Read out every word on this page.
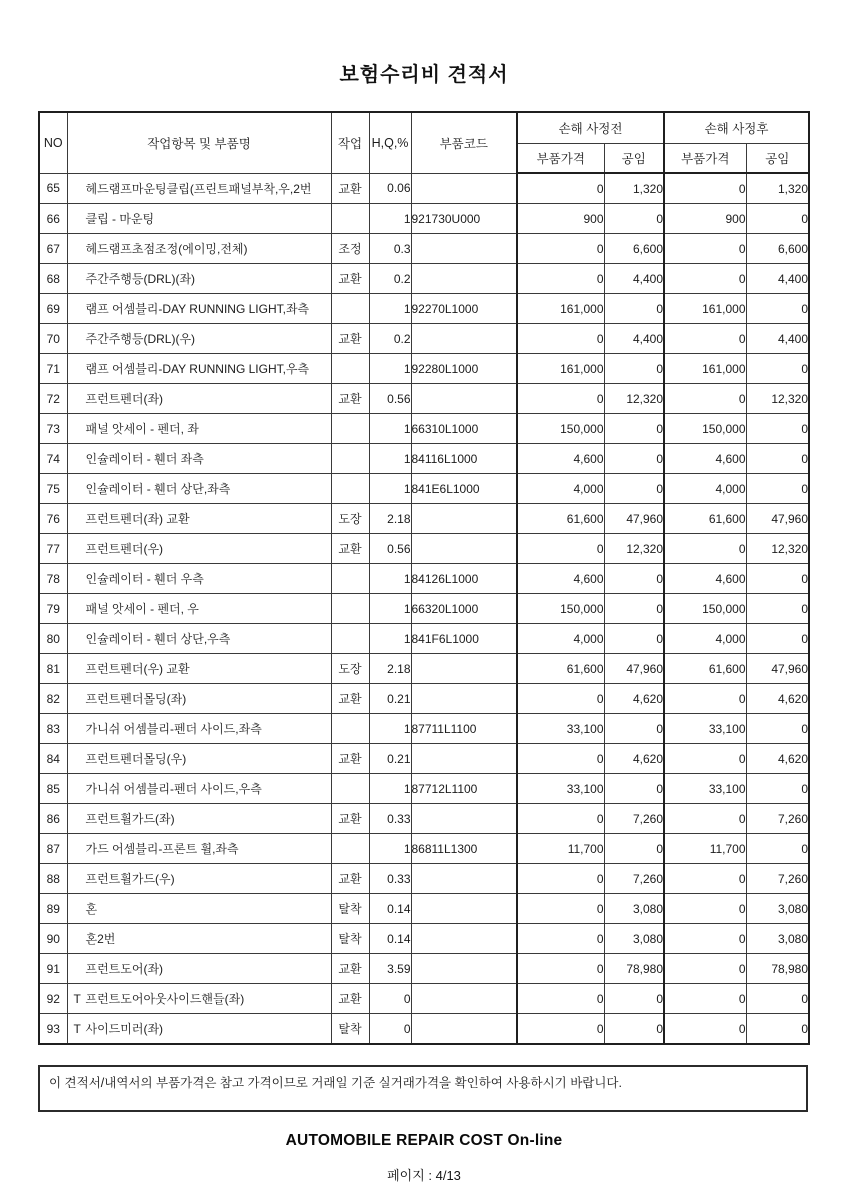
보험수리비 견적서
NO	작업항목 및 부품명	작업	H,Q,%	부품코드	손해 사정전		손해 사정후	
					부품가격	공임	부품가격	공임
65	헤드램프마운팅클립(프린트패널부착,우,2번	교환	0.06		0	1,320	0	1,320
66	클립 - 마운팅		1	921730U000	900	0	900	0
67	헤드램프초점조정(에이밍,전체)	조정	0.3		0	6,600	0	6,600
68	주간주행등(DRL)(좌)	교환	0.2		0	4,400	0	4,400
69	램프 어셈블리-DAY RUNNING LIGHT,좌측		1	92270L1000	161,000	0	161,000	0
70	주간주행등(DRL)(우)	교환	0.2		0	4,400	0	4,400
71	램프 어셈블리-DAY RUNNING LIGHT,우측		1	92280L1000	161,000	0	161,000	0
72	프런트펜더(좌)	교환	0.56		0	12,320	0	12,320
73	패널 앗세이 - 펜더, 좌		1	66310L1000	150,000	0	150,000	0
74	인슐레이터 - 휀더 좌측		1	84116L1000	4,600	0	4,600	0
75	인슐레이터 - 휀더 상단,좌측		1	841E6L1000	4,000	0	4,000	0
76	프런트펜더(좌) 교환	도장	2.18		61,600	47,960	61,600	47,960
77	프런트펜더(우)	교환	0.56		0	12,320	0	12,320
78	인슐레이터 - 휀더 우측		1	84126L1000	4,600	0	4,600	0
79	패널 앗세이 - 펜더, 우		1	66320L1000	150,000	0	150,000	0
80	인슐레이터 - 휀더 상단,우측		1	841F6L1000	4,000	0	4,000	0
81	프런트펜더(우) 교환	도장	2.18		61,600	47,960	61,600	47,960
82	프런트펜더몰딩(좌)	교환	0.21		0	4,620	0	4,620
83	가니쉬 어셈블리-펜더 사이드,좌측		1	87711L1100	33,100	0	33,100	0
84	프런트펜더몰딩(우)	교환	0.21		0	4,620	0	4,620
85	가니쉬 어셈블리-펜더 사이드,우측		1	87712L1100	33,100	0	33,100	0
86	프런트휠가드(좌)	교환	0.33		0	7,260	0	7,260
87	가드 어셈블리-프론트 휠,좌측		1	86811L1300	11,700	0	11,700	0
88	프런트휠가드(우)	교환	0.33		0	7,260	0	7,260
89	혼	탈착	0.14		0	3,080	0	3,080
90	혼2번	탈착	0.14		0	3,080	0	3,080
91	프런트도어(좌)	교환	3.59		0	78,980	0	78,980
92	T 프런트도어아웃사이드핸들(좌)	교환	0		0	0	0	0
93	T 사이드미러(좌)	탈착	0		0	0	0	0
이 견적서/내역서의 부품가격은 참고 가격이므로 거래일 기준 실거래가격을 확인하여 사용하시기 바랍니다.
AUTOMOBILE REPAIR COST On-line
페이지 : 4/13
